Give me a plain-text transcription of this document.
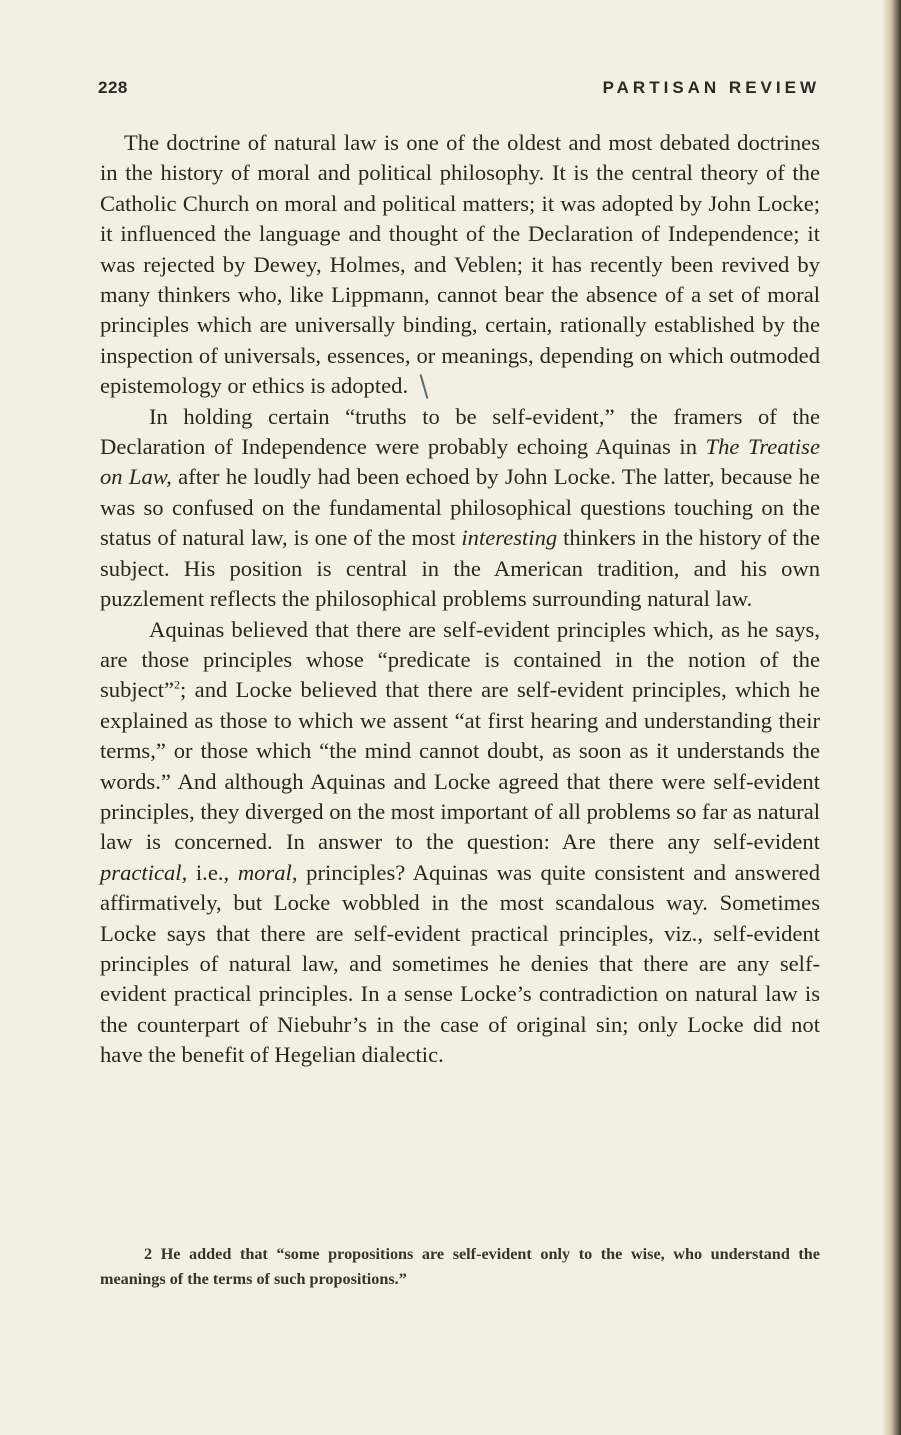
228	PARTISAN REVIEW

The doctrine of natural law is one of the oldest and most debated doctrines in the history of moral and political philosophy. It is the central theory of the Catholic Church on moral and political matters; it was adopted by John Locke; it influenced the language and thought of the Declaration of Independence; it was rejected by Dewey, Holmes, and Veblen; it has recently been revived by many thinkers who, like Lippmann, cannot bear the absence of a set of moral principles which are universally binding, certain, rationally established by the inspection of universals, essences, or meanings, depending on which outmoded epistemology or ethics is adopted.

In holding certain “truths to be self-evident,” the framers of the Declaration of Independence were probably echoing Aquinas in The Treatise on Law, after he loudly had been echoed by John Locke. The latter, because he was so confused on the fundamental philosophical questions touching on the status of natural law, is one of the most interesting thinkers in the history of the subject. His position is central in the American tradition, and his own puzzlement reflects the philosophical problems surrounding natural law.

Aquinas believed that there are self-evident principles which, as he says, are those principles whose “predicate is contained in the notion of the subject”$^2$; and Locke believed that there are self-evident principles, which he explained as those to which we assent “at first hearing and understanding their terms,” or those which “the mind cannot doubt, as soon as it understands the words.” And although Aquinas and Locke agreed that there were self-evident principles, they diverged on the most important of all problems so far as natural law is concerned. In answer to the question: Are there any self-evident practical, i.e., moral, principles? Aquinas was quite consistent and answered affirmatively, but Locke wobbled in the most scandalous way. Sometimes Locke says that there are self-evident practical principles, viz., self-evident principles of natural law, and sometimes he denies that there are any self-evident practical principles. In a sense Locke’s contradiction on natural law is the counterpart of Niebuhr’s in the case of original sin; only Locke did not have the benefit of Hegelian dialectic.

2 He added that “some propositions are self-evident only to the wise, who understand the meanings of the terms of such propositions.”
